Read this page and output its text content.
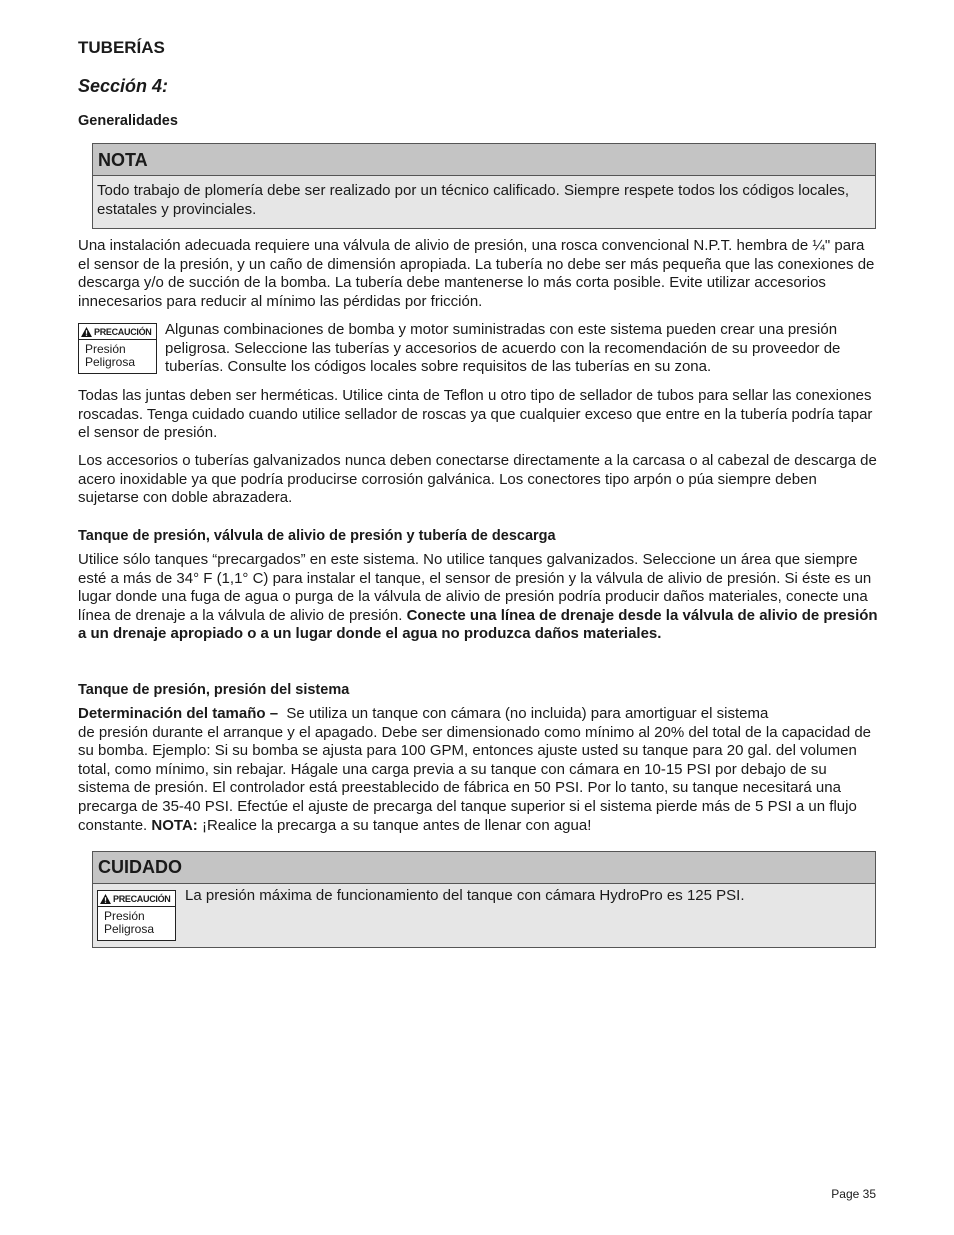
TUBERÍAS
Sección 4:
Generalidades
NOTA
Todo trabajo de plomería debe ser realizado por un técnico calificado. Siempre respete todos los códigos locales, estatales y provinciales.

Una instalación adecuada requiere una válvula de alivio de presión, una rosca convencional N.P.T. hembra de ¼" para el sensor de la presión, y un caño de dimensión apropiada. La tubería no debe ser más pequeña que las conexiones de descarga y/o de succión de la bomba. La tubería debe mantenerse lo más corta posible. Evite utilizar accesorios innecesarios para reducir al mínimo las pérdidas por fricción.

PRECAUCIÓN
Presión
Peligrosa

Algunas combinaciones de bomba y motor suministradas con este sistema pueden crear una presión peligrosa. Seleccione las tuberías y accesorios de acuerdo con la recomendación de su proveedor de tuberías. Consulte los códigos locales sobre requisitos de las tuberías en su zona.

Todas las juntas deben ser herméticas. Utilice cinta de Teflon u otro tipo de sellador de tubos para sellar las conexiones roscadas. Tenga cuidado cuando utilice sellador de roscas ya que cualquier exceso que entre en la tubería podría tapar el sensor de presión.

Los accesorios o tuberías galvanizados nunca deben conectarse directamente a la carcasa o al cabezal de descarga de acero inoxidable ya que podría producirse corrosión galvánica. Los conectores tipo arpón o púa siempre deben sujetarse con doble abrazadera.

Tanque de presión, válvula de alivio de presión y tubería de descarga

Utilice sólo tanques “precargados” en este sistema. No utilice tanques galvanizados. Seleccione un área que siempre esté a más de 34° F (1,1° C) para instalar el tanque, el sensor de presión y la válvula de alivio de presión. Si éste es un lugar donde una fuga de agua o purga de la válvula de alivio de presión podría producir daños materiales, conecte una línea de drenaje a la válvula de alivio de presión. Conecte una línea de drenaje desde la válvula de alivio de presión a un drenaje apropiado o a un lugar donde el agua no produzca daños materiales.

Tanque de presión, presión del sistema
Determinación del tamaño – Se utiliza un tanque con cámara (no incluida) para amortiguar el sistema
de presión durante el arranque y el apagado. Debe ser dimensionado como mínimo al 20% del total de la capacidad de su bomba. Ejemplo: Si su bomba se ajusta para 100 GPM, entonces ajuste usted su tanque para 20 gal. del volumen total, como mínimo, sin rebajar. Hágale una carga previa a su tanque con cámara en 10-15 PSI por debajo de su sistema de presión. El controlador está preestablecido de fábrica en 50 PSI. Por lo tanto, su tanque necesitará una precarga de 35-40 PSI. Efectúe el ajuste de precarga del tanque superior si el sistema pierde más de 5 PSI a un flujo constante. NOTA: ¡Realice la precarga a su tanque antes de llenar con agua!
CUIDADO
PRECAUCIÓN
Presión
Peligrosa
La presión máxima de funcionamiento del tanque con cámara HydroPro es 125 PSI.
Page 35
